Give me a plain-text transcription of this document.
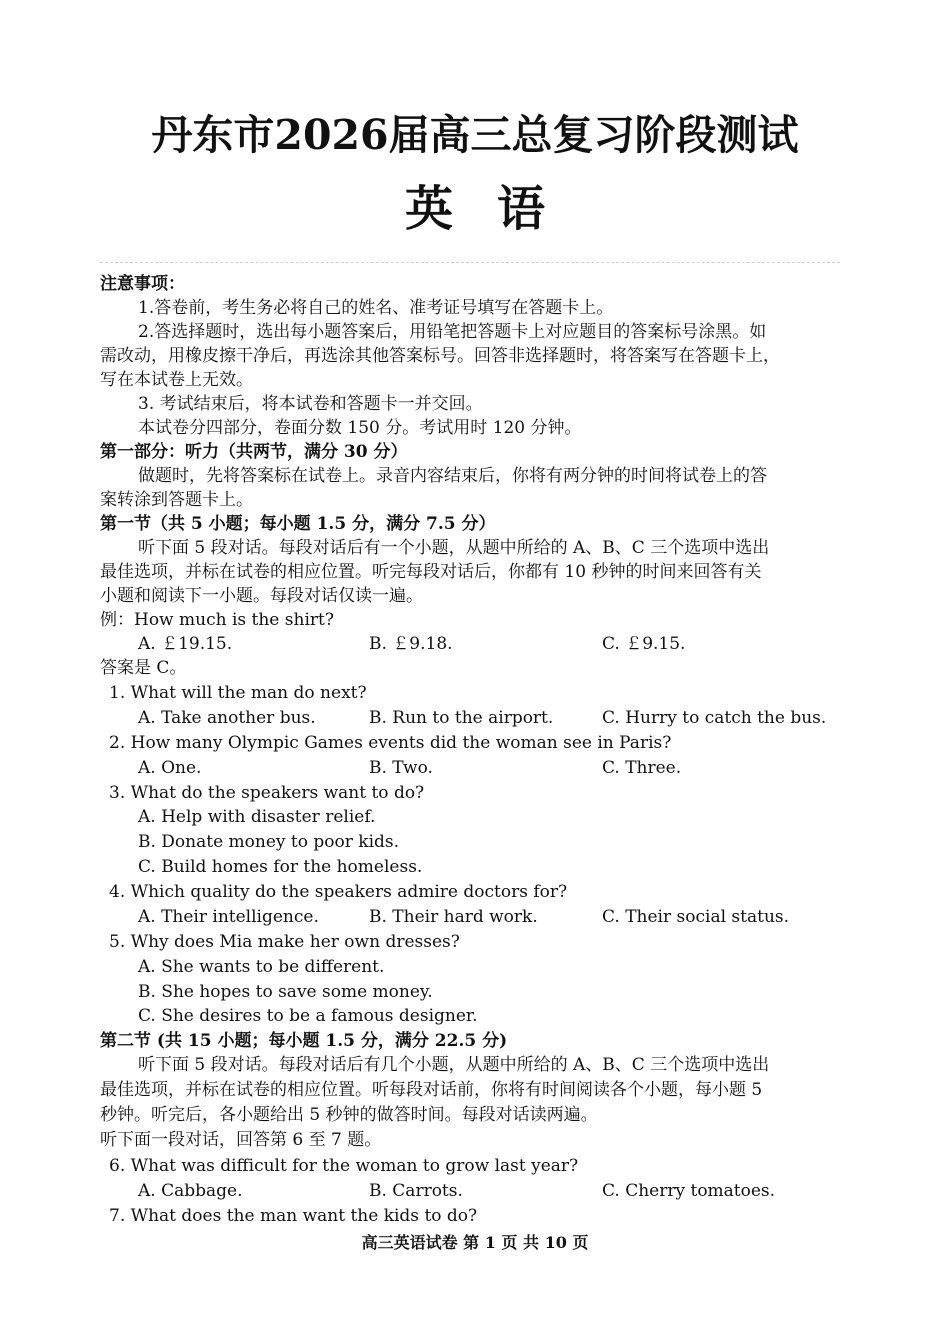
丹东市2026届高三总复习阶段测试
英语
注意事项：
1.答卷前，考生务必将自己的姓名、准考证号填写在答题卡上。
2.答选择题时，选出每小题答案后，用铅笔把答题卡上对应题目的答案标号涂黑。如
需改动，用橡皮擦干净后，再选涂其他答案标号。回答非选择题时，将答案写在答题卡上，
写在本试卷上无效。
3. 考试结束后，将本试卷和答题卡一并交回。
本试卷分四部分，卷面分数 150 分。考试用时 120 分钟。
第一部分：听力（共两节，满分 30 分）
做题时，先将答案标在试卷上。录音内容结束后，你将有两分钟的时间将试卷上的答
案转涂到答题卡上。
第一节（共 5 小题；每小题 1.5 分，满分 7.5 分）
听下面 5 段对话。每段对话后有一个小题，从题中所给的 A、B、C 三个选项中选出
最佳选项，并标在试卷的相应位置。听完每段对话后，你都有 10 秒钟的时间来回答有关
小题和阅读下一小题。每段对话仅读一遍。
例：How much is the shirt?
A. ￡19.15.	B. ￡9.18.	C. ￡9.15.
答案是 C。
1. What will the man do next?
A. Take another bus.	B. Run to the airport.	C. Hurry to catch the bus.
2. How many Olympic Games events did the woman see in Paris?
A. One.	B. Two.	C. Three.
3. What do the speakers want to do?
A. Help with disaster relief.
B. Donate money to poor kids.
C. Build homes for the homeless.
4. Which quality do the speakers admire doctors for?
A. Their intelligence.	B. Their hard work.	C. Their social status.
5. Why does Mia make her own dresses?
A. She wants to be different.
B. She hopes to save some money.
C. She desires to be a famous designer.
第二节 (共 15 小题；每小题 1.5 分，满分 22.5 分)
听下面 5 段对话。每段对话后有几个小题，从题中所给的 A、B、C 三个选项中选出
最佳选项，并标在试卷的相应位置。听每段对话前，你将有时间阅读各个小题，每小题 5
秒钟。听完后，各小题给出 5 秒钟的做答时间。每段对话读两遍。
听下面一段对话，回答第 6 至 7 题。
6. What was difficult for the woman to grow last year?
A. Cabbage.	B. Carrots.	C. Cherry tomatoes.
7. What does the man want the kids to do?
高三英语试卷 第 1 页 共 10 页
